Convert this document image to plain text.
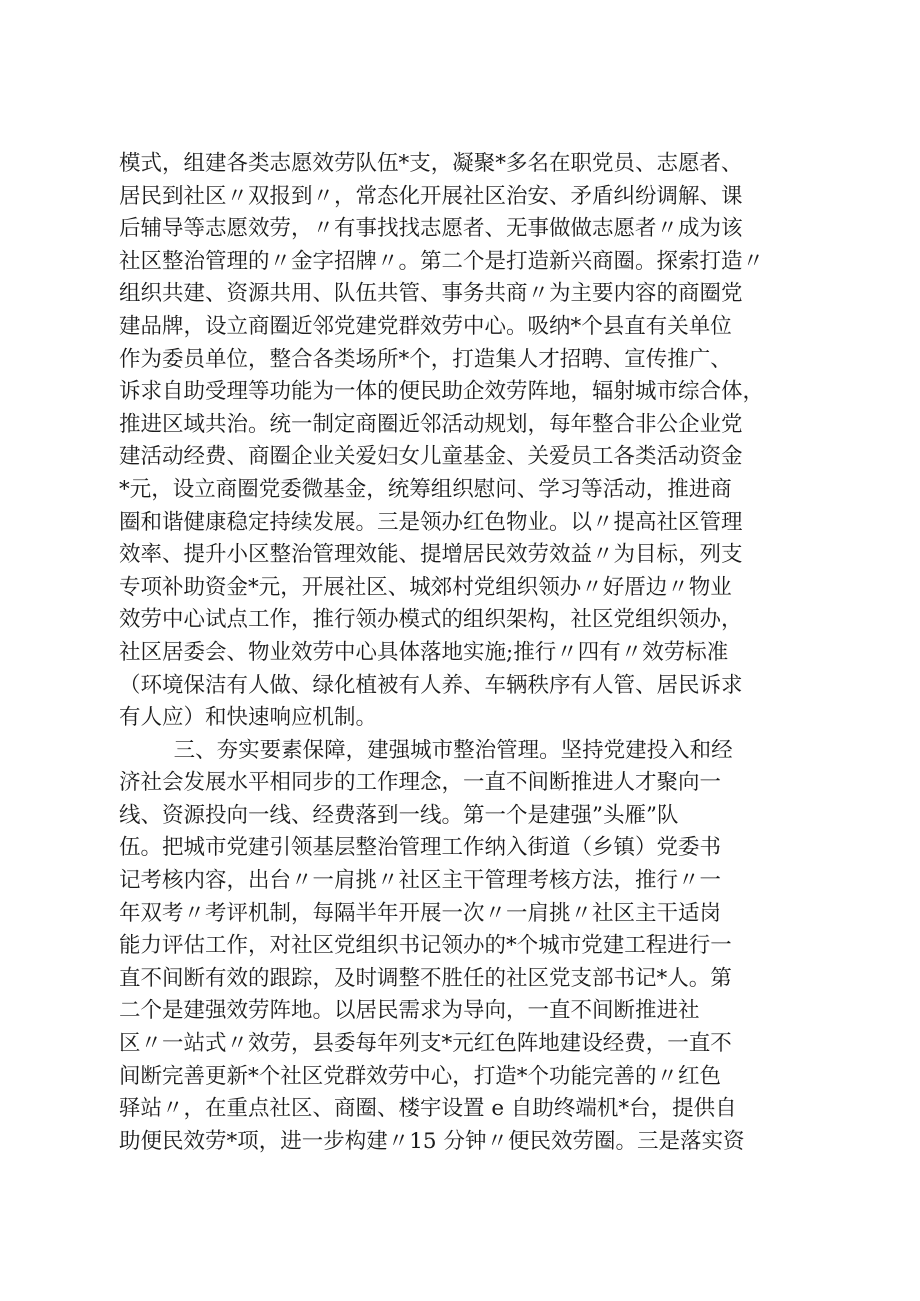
模式，组建各类志愿效劳队伍*支，凝聚*多名在职党员、志愿者、
居民到社区〃双报到〃，常态化开展社区治安、矛盾纠纷调解、课
后辅导等志愿效劳，〃有事找找志愿者、无事做做志愿者〃成为该
社区整治管理的〃金字招牌〃。第二个是打造新兴商圈。探索打造〃
组织共建、资源共用、队伍共管、事务共商〃为主要内容的商圈党
建品牌，设立商圈近邻党建党群效劳中心。吸纳*个县直有关单位
作为委员单位，整合各类场所*个，打造集人才招聘、宣传推广、
诉求自助受理等功能为一体的便民助企效劳阵地，辐射城市综合体，
推进区域共治。统一制定商圈近邻活动规划，每年整合非公企业党
建活动经费、商圈企业关爱妇女儿童基金、关爱员工各类活动资金
*元，设立商圈党委微基金，统筹组织慰问、学习等活动，推进商
圈和谐健康稳定持续发展。三是领办红色物业。以〃提高社区管理
效率、提升小区整治管理效能、提增居民效劳效益〃为目标，列支
专项补助资金*元，开展社区、城郊村党组织领办〃好厝边〃物业
效劳中心试点工作，推行领办模式的组织架构，社区党组织领办，
社区居委会、物业效劳中心具体落地实施;推行〃四有〃效劳标准
（环境保洁有人做、绿化植被有人养、车辆秩序有人管、居民诉求
有人应）和快速响应机制。
三、夯实要素保障，建强城市整治管理。坚持党建投入和经
济社会发展水平相同步的工作理念，一直不间断推进人才聚向一
线、资源投向一线、经费落到一线。第一个是建强”头雁”队
伍。把城市党建引领基层整治管理工作纳入街道（乡镇）党委书
记考核内容，出台〃一肩挑〃社区主干管理考核方法，推行〃一
年双考〃考评机制，每隔半年开展一次〃一肩挑〃社区主干适岗
能力评估工作，对社区党组织书记领办的*个城市党建工程进行一
直不间断有效的跟踪，及时调整不胜任的社区党支部书记*人。第
二个是建强效劳阵地。以居民需求为导向，一直不间断推进社
区〃一站式〃效劳，县委每年列支*元红色阵地建设经费，一直不
间断完善更新*个社区党群效劳中心，打造*个功能完善的〃红色
驿站〃，在重点社区、商圈、楼宇设置 e 自助终端机*台，提供自
助便民效劳*项，进一步构建〃15 分钟〃便民效劳圈。三是落实资
